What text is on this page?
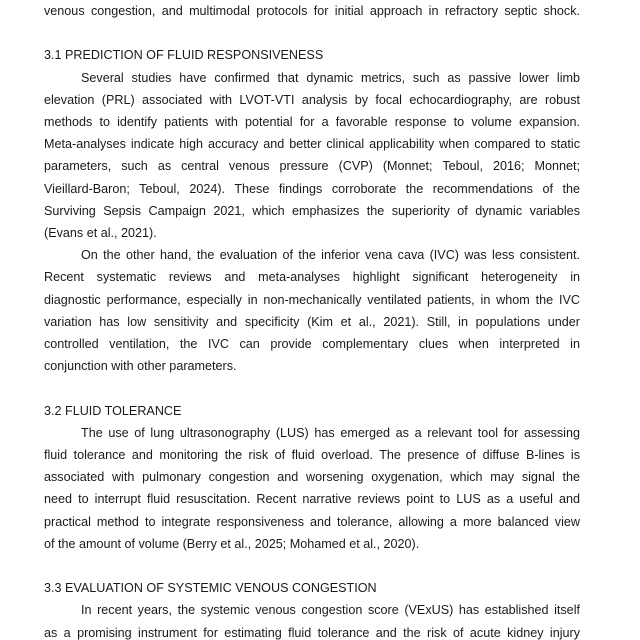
venous congestion, and multimodal protocols for initial approach in refractory septic shock.
3.1 PREDICTION OF FLUID RESPONSIVENESS
Several studies have confirmed that dynamic metrics, such as passive lower limb
elevation (PRL) associated with LVOT-VTI analysis by focal echocardiography, are robust
methods to identify patients with potential for a favorable response to volume expansion.
Meta-analyses indicate high accuracy and better clinical applicability when compared to static
parameters, such as central venous pressure (CVP) (Monnet; Teboul, 2016; Monnet;
Vieillard-Baron; Teboul, 2024). These findings corroborate the recommendations of the
Surviving Sepsis Campaign 2021, which emphasizes the superiority of dynamic variables
(Evans et al., 2021).
On the other hand, the evaluation of the inferior vena cava (IVC) was less consistent.
Recent systematic reviews and meta-analyses highlight significant heterogeneity in
diagnostic performance, especially in non-mechanically ventilated patients, in whom the IVC
variation has low sensitivity and specificity (Kim et al., 2021). Still, in populations under
controlled ventilation, the IVC can provide complementary clues when interpreted in
conjunction with other parameters.
3.2 FLUID TOLERANCE
The use of lung ultrasonography (LUS) has emerged as a relevant tool for assessing
fluid tolerance and monitoring the risk of fluid overload. The presence of diffuse B-lines is
associated with pulmonary congestion and worsening oxygenation, which may signal the
need to interrupt fluid resuscitation. Recent narrative reviews point to LUS as a useful and
practical method to integrate responsiveness and tolerance, allowing a more balanced view
of the amount of volume (Berry et al., 2025; Mohamed et al., 2020).
3.3 EVALUATION OF SYSTEMIC VENOUS CONGESTION
In recent years, the systemic venous congestion score (VExUS) has established itself
as a promising instrument for estimating fluid tolerance and the risk of acute kidney injury
